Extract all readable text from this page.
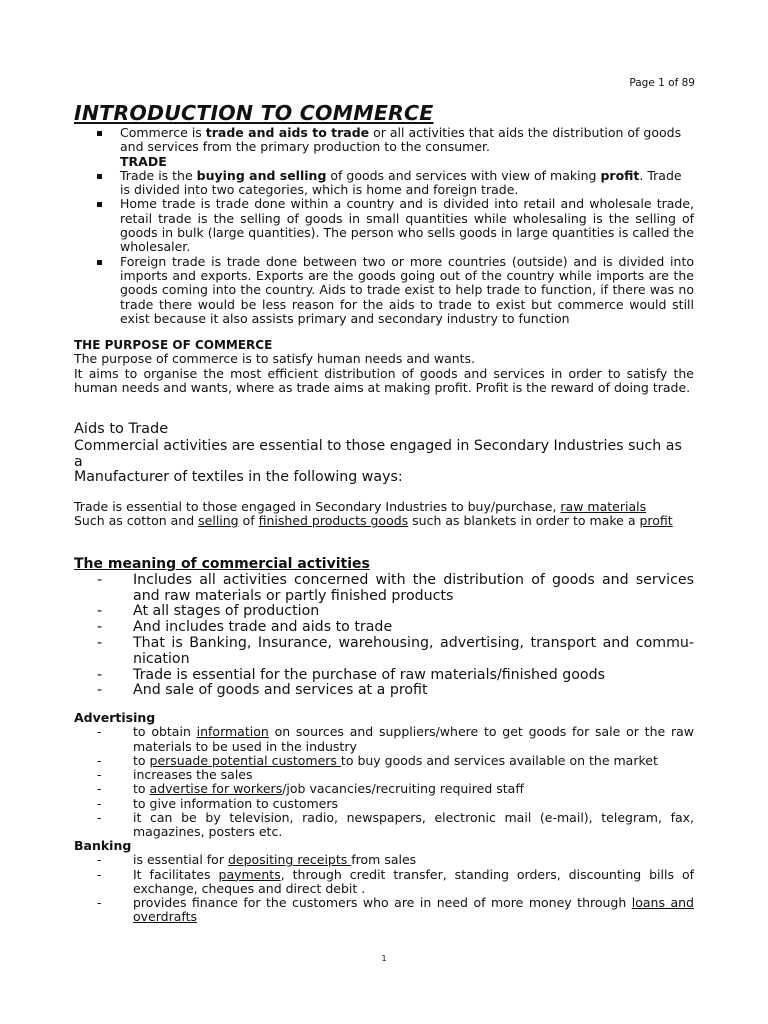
Page 1 of 89
INTRODUCTION TO COMMERCE
Commerce is trade and aids to trade or all activities that aids the distribution of goods and services from the primary production to the consumer.
TRADE
Trade is the buying and selling of goods and services with view of making profit. Trade is divided into two categories, which is home and foreign trade.
Home trade is trade done within a country and is divided into retail and wholesale trade, retail trade is the selling of goods in small quantities while wholesaling is the selling of goods in bulk (large quantities). The person who sells goods in large quantities is called the wholesaler.
Foreign trade is trade done between two or more countries (outside) and is divided into imports and exports. Exports are the goods going out of the country while imports are the goods coming into the country. Aids to trade exist to help trade to function, if there was no trade there would be less reason for the aids to trade to exist but commerce would still exist because it also assists primary and secondary industry to function
THE PURPOSE OF COMMERCE
The purpose of commerce is to satisfy human needs and wants.
It aims to organise the most efficient distribution of goods and services in order to satisfy the human needs and wants, where as trade aims at making profit. Profit is the reward of doing trade.
Aids to Trade
Commercial activities are essential to those engaged in Secondary Industries such as a
Manufacturer of textiles in the following ways:
Trade is essential to those engaged in Secondary Industries to buy/purchase, raw materials
Such as cotton and selling of finished products goods such as blankets in order to make a profit
The meaning of commercial activities
- Includes all activities concerned with the distribution of goods and services and raw materials or partly finished products
- At all stages of production
- And includes trade and aids to trade
- That is Banking, Insurance, warehousing, advertising, transport and commu-nication
- Trade is essential for the purchase of raw materials/finished goods
- And sale of goods and services at a profit
Advertising
-	to obtain information on sources and suppliers/where to get goods for sale or the raw materials to be used in the industry
-	to persuade potential customers to buy goods and services available on the market
-	increases the sales
-	to advertise for workers/job vacancies/recruiting required staff
-	to give information to customers
-	it can be by television, radio, newspapers, electronic mail (e-mail), telegram, fax, magazines, posters etc.
Banking
-	is essential for depositing receipts from sales
-	It facilitates payments, through credit transfer, standing orders, discounting bills of exchange, cheques and direct debit .
-	provides finance for the customers who are in need of more money through loans and overdrafts
1
